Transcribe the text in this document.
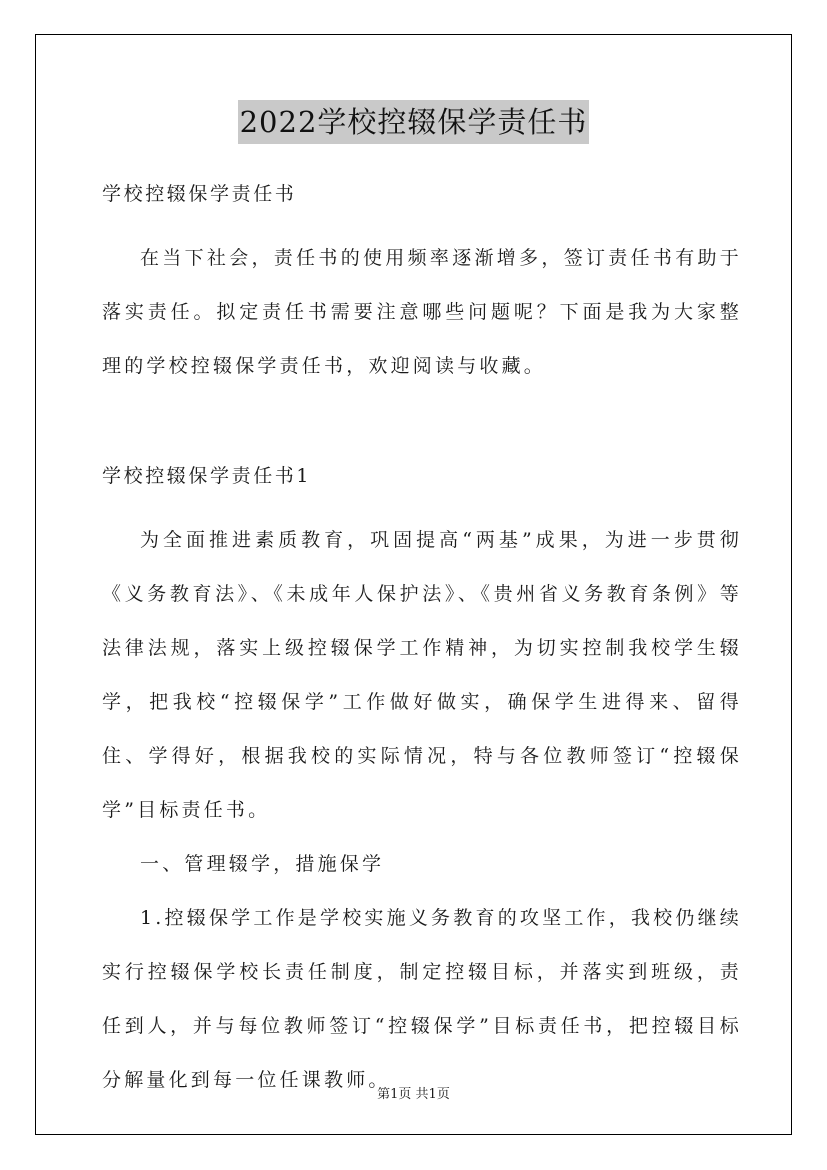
2022学校控辍保学责任书
学校控辍保学责任书

在当下社会，责任书的使用频率逐渐增多，签订责任书有助于落实责任。拟定责任书需要注意哪些问题呢？下面是我为大家整理的学校控辍保学责任书，欢迎阅读与收藏。

学校控辍保学责任书1

为全面推进素质教育，巩固提高“两基”成果，为进一步贯彻《义务教育法》、《未成年人保护法》、《贵州省义务教育条例》等法律法规，落实上级控辍保学工作精神，为切实控制我校学生辍学，把我校“控辍保学”工作做好做实，确保学生进得来、留得住、学得好，根据我校的实际情况，特与各位教师签订“控辍保学”目标责任书。

一、管理辍学，措施保学

1.控辍保学工作是学校实施义务教育的攻坚工作，我校仍继续实行控辍保学校长责任制度，制定控辍目标，并落实到班级，责任到人，并与每位教师签订“控辍保学”目标责任书，把控辍目标分解量化到每一位任课教师。

第1页 共1页
